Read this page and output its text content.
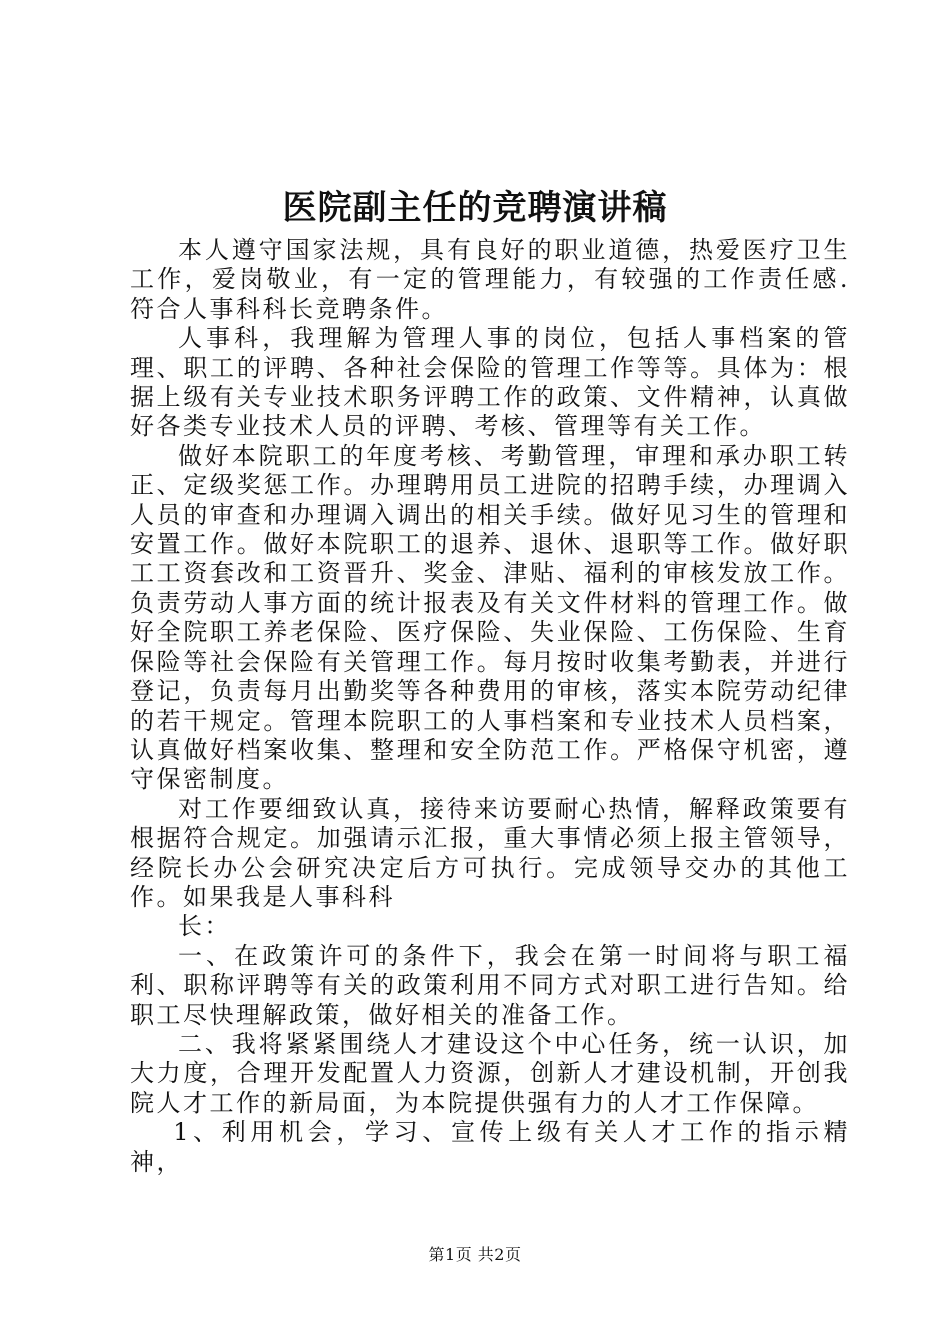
医院副主任的竞聘演讲稿

本人遵守国家法规，具有良好的职业道德，热爱医疗卫生工作，爱岗敬业，有一定的管理能力，有较强的工作责任感.符合人事科科长竞聘条件。

人事科，我理解为管理人事的岗位，包括人事档案的管理、职工的评聘、各种社会保险的管理工作等等。具体为：根据上级有关专业技术职务评聘工作的政策、文件精神，认真做好各类专业技术人员的评聘、考核、管理等有关工作。

做好本院职工的年度考核、考勤管理，审理和承办职工转正、定级奖惩工作。办理聘用员工进院的招聘手续，办理调入人员的审查和办理调入调出的相关手续。做好见习生的管理和安置工作。做好本院职工的退养、退休、退职等工作。做好职工工资套改和工资晋升、奖金、津贴、福利的审核发放工作。负责劳动人事方面的统计报表及有关文件材料的管理工作。做好全院职工养老保险、医疗保险、失业保险、工伤保险、生育保险等社会保险有关管理工作。每月按时收集考勤表，并进行登记，负责每月出勤奖等各种费用的审核，落实本院劳动纪律的若干规定。管理本院职工的人事档案和专业技术人员档案，认真做好档案收集、整理和安全防范工作。严格保守机密，遵守保密制度。

对工作要细致认真，接待来访要耐心热情，解释政策要有根据符合规定。加强请示汇报，重大事情必须上报主管领导，经院长办公会研究决定后方可执行。完成领导交办的其他工作。如果我是人事科科

长：

一、在政策许可的条件下，我会在第一时间将与职工福利、职称评聘等有关的政策利用不同方式对职工进行告知。给职工尽快理解政策，做好相关的准备工作。

二、我将紧紧围绕人才建设这个中心任务，统一认识，加大力度，合理开发配置人力资源，创新人才建设机制，开创我院人才工作的新局面，为本院提供强有力的人才工作保障。

1、利用机会，学习、宣传上级有关人才工作的指示精神，

第1页 共2页
